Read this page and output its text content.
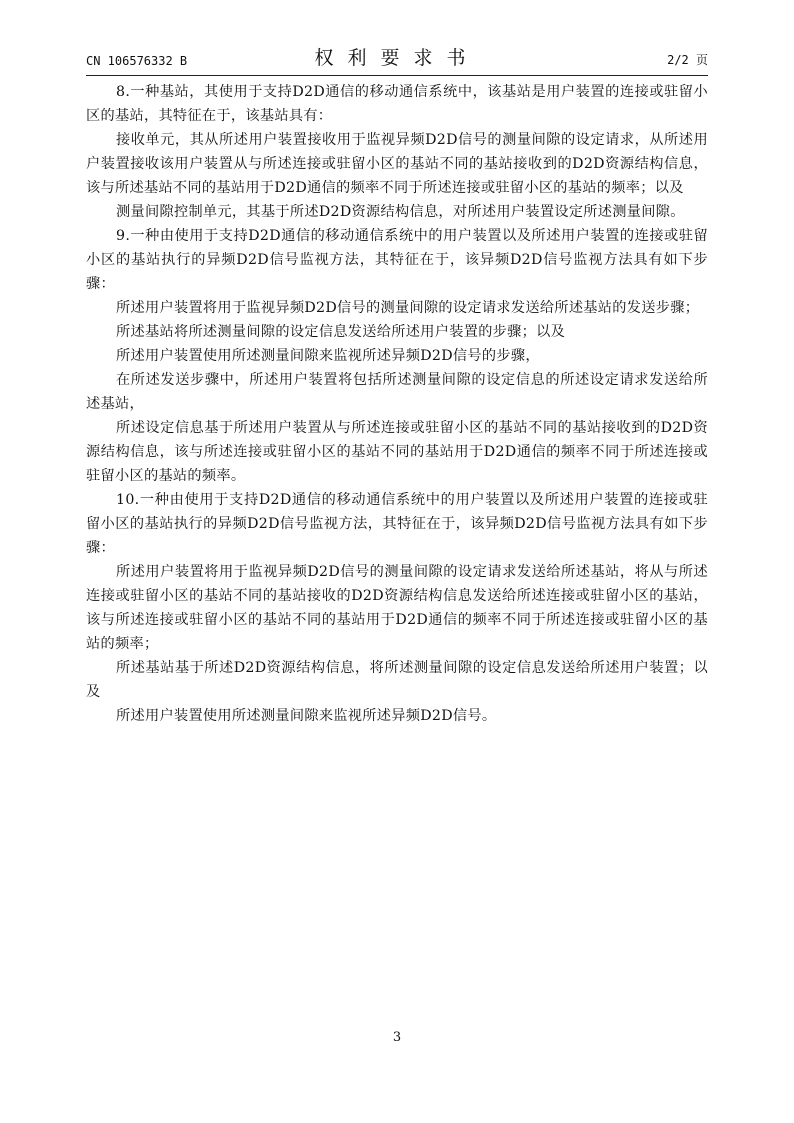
CN 106576332 B	权利要求书	2/2 页

8.一种基站，其使用于支持D2D通信的移动通信系统中，该基站是用户装置的连接或驻留小区的基站，其特征在于，该基站具有：

接收单元，其从所述用户装置接收用于监视异频D2D信号的测量间隙的设定请求，从所述用户装置接收该用户装置从与所述连接或驻留小区的基站不同的基站接收到的D2D资源结构信息，该与所述基站不同的基站用于D2D通信的频率不同于所述连接或驻留小区的基站的频率；以及

测量间隙控制单元，其基于所述D2D资源结构信息，对所述用户装置设定所述测量间隙。

9.一种由使用于支持D2D通信的移动通信系统中的用户装置以及所述用户装置的连接或驻留小区的基站执行的异频D2D信号监视方法，其特征在于，该异频D2D信号监视方法具有如下步骤：

所述用户装置将用于监视异频D2D信号的测量间隙的设定请求发送给所述基站的发送步骤；

所述基站将所述测量间隙的设定信息发送给所述用户装置的步骤；以及

所述用户装置使用所述测量间隙来监视所述异频D2D信号的步骤，

在所述发送步骤中，所述用户装置将包括所述测量间隙的设定信息的所述设定请求发送给所述基站，

所述设定信息基于所述用户装置从与所述连接或驻留小区的基站不同的基站接收到的D2D资源结构信息，该与所述连接或驻留小区的基站不同的基站用于D2D通信的频率不同于所述连接或驻留小区的基站的频率。

10.一种由使用于支持D2D通信的移动通信系统中的用户装置以及所述用户装置的连接或驻留小区的基站执行的异频D2D信号监视方法，其特征在于，该异频D2D信号监视方法具有如下步骤：

所述用户装置将用于监视异频D2D信号的测量间隙的设定请求发送给所述基站，将从与所述连接或驻留小区的基站不同的基站接收的D2D资源结构信息发送给所述连接或驻留小区的基站，该与所述连接或驻留小区的基站不同的基站用于D2D通信的频率不同于所述连接或驻留小区的基站的频率；

所述基站基于所述D2D资源结构信息，将所述测量间隙的设定信息发送给所述用户装置；以及

所述用户装置使用所述测量间隙来监视所述异频D2D信号。

3
